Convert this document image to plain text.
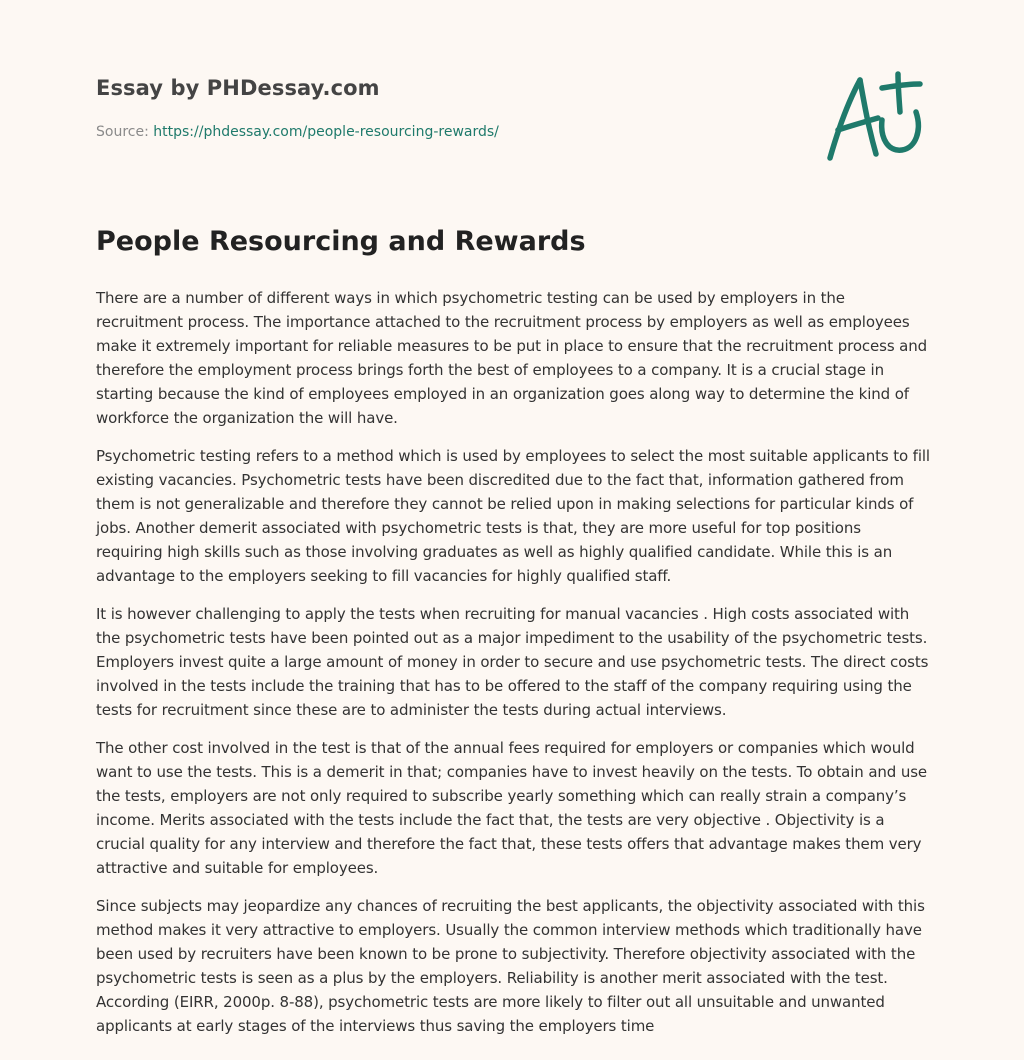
Essay by PHDessay.com
Source: https://phdessay.com/people-resourcing-rewards/
People Resourcing and Rewards

There are a number of different ways in which psychometric testing can be used by employers in the recruitment process. The importance attached to the recruitment process by employers as well as employees make it extremely important for reliable measures to be put in place to ensure that the recruitment process and therefore the employment process brings forth the best of employees to a company. It is a crucial stage in starting because the kind of employees employed in an organization goes along way to determine the kind of workforce the organization the will have.

Psychometric testing refers to a method which is used by employees to select the most suitable applicants to fill existing vacancies. Psychometric tests have been discredited due to the fact that, information gathered from them is not generalizable and therefore they cannot be relied upon in making selections for particular kinds of jobs. Another demerit associated with psychometric tests is that, they are more useful for top positions requiring high skills such as those involving graduates as well as highly qualified candidate. While this is an advantage to the employers seeking to fill vacancies for highly qualified staff.

It is however challenging to apply the tests when recruiting for manual vacancies . High costs associated with the psychometric tests have been pointed out as a major impediment to the usability of the psychometric tests. Employers invest quite a large amount of money in order to secure and use psychometric tests. The direct costs involved in the tests include the training that has to be offered to the staff of the company requiring using the tests for recruitment since these are to administer the tests during actual interviews.

The other cost involved in the test is that of the annual fees required for employers or companies which would want to use the tests. This is a demerit in that; companies have to invest heavily on the tests. To obtain and use the tests, employers are not only required to subscribe yearly something which can really strain a company’s income. Merits associated with the tests include the fact that, the tests are very objective . Objectivity is a crucial quality for any interview and therefore the fact that, these tests offers that advantage makes them very attractive and suitable for employees.

Since subjects may jeopardize any chances of recruiting the best applicants, the objectivity associated with this method makes it very attractive to employers. Usually the common interview methods which traditionally have been used by recruiters have been known to be prone to subjectivity. Therefore objectivity associated with the psychometric tests is seen as a plus by the employers. Reliability is another merit associated with the test. According (EIRR, 2000p. 8-88), psychometric tests are more likely to filter out all unsuitable and unwanted applicants at early stages of the interviews thus saving the employers time
